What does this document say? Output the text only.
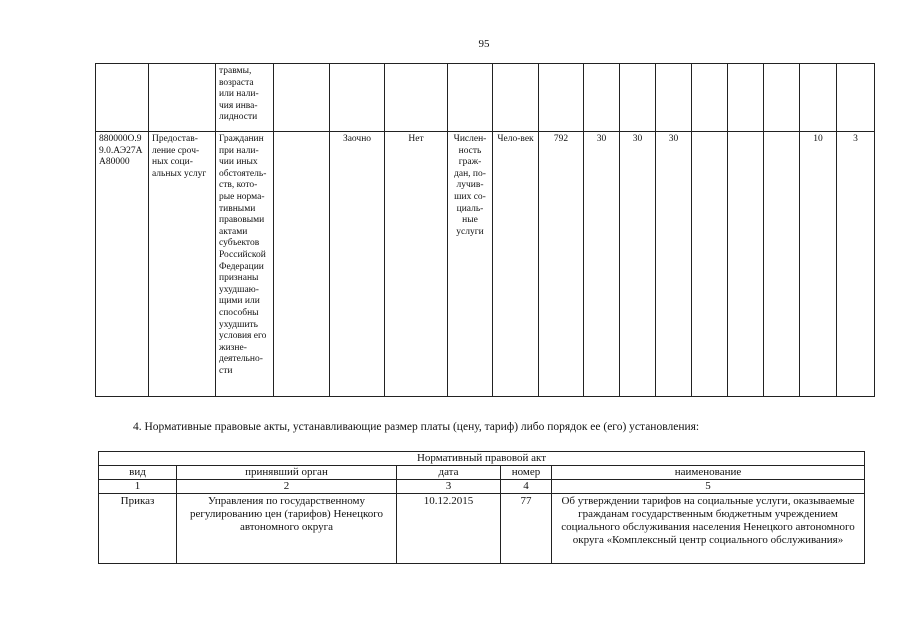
95
		травмы, возраста или нали-чия инва-лидности														
880000О.99.0.АЭ27АА80000	Предостав-ление сроч-ных соци-альных услуг	Гражданин при нали-чии иных обстоятель-ств, кото-рые норма-тивными правовыми актами субъектов Российской Федерации признаны ухудшаю-щими или способны ухудшить условия его жизне-деятельно-сти		Заочно	Нет	Числен-ность граж-дан, по-лучив-ших со-циаль-ные услуги	Чело-век	792	30	30	30				10	3
4. Нормативные правовые акты, устанавливающие размер платы (цену, тариф) либо порядок ее (его) установления:
Нормативный правовой акт				
вид	принявший орган	дата	номер	наименование
1	2	3	4	5
Приказ	Управления по государственному регулированию цен (тарифов) Ненецкого автономного округа	10.12.2015	77	Об утверждении тарифов на социальные услуги, оказываемые гражданам государственным бюджетным учреждением социального обслуживания населения Ненецкого автономного округа «Комплексный центр социального обслуживания»
